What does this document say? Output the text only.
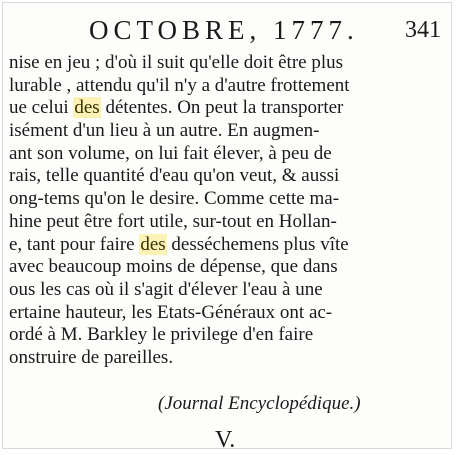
OCTOBRE, 1777. 341
nise en jeu ; d'où il suit qu'elle doit être plus
lurable , attendu qu'il n'y a d'autre frottement
ue celui des détentes. On peut la transporter
isément d'un lieu à un autre. En augmen-
ant son volume, on lui fait élever, à peu de
rais, telle quantité d'eau qu'on veut, & aussi
ong-tems qu'on le desire. Comme cette ma-
hine peut être fort utile, sur-tout en Hollan-
e, tant pour faire des desséchemens plus vîte
avec beaucoup moins de dépense, que dans
ous les cas où il s'agit d'élever l'eau à une
ertaine hauteur, les Etats-Généraux ont ac-
ordé à M. Barkley le privilege d'en faire
onstruire de pareilles.
(Journal Encyclopédique.)
V.
